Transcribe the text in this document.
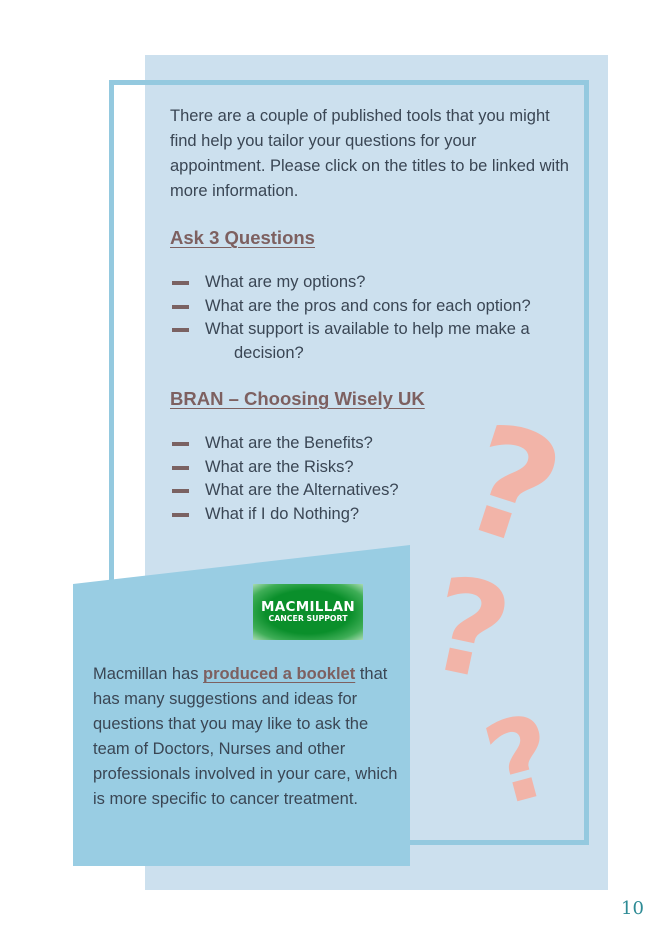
?
?
?

There are a couple of published tools that you might find help you tailor your questions for your appointment. Please click on the titles to be linked with more information.

Ask 3 Questions
What are my options?
What are the pros and cons for each option?
What support is available to help me make a
decision?
BRAN – Choosing Wisely UK
What are the Benefits?
What are the Risks?
What are the Alternatives?
What if I do Nothing?
MACMILLAN
CANCER SUPPORT
Macmillan has produced a booklet that has many suggestions and ideas for questions that you may like to ask the team of Doctors, Nurses and other professionals involved in your care, which is more specific to cancer treatment.
10
